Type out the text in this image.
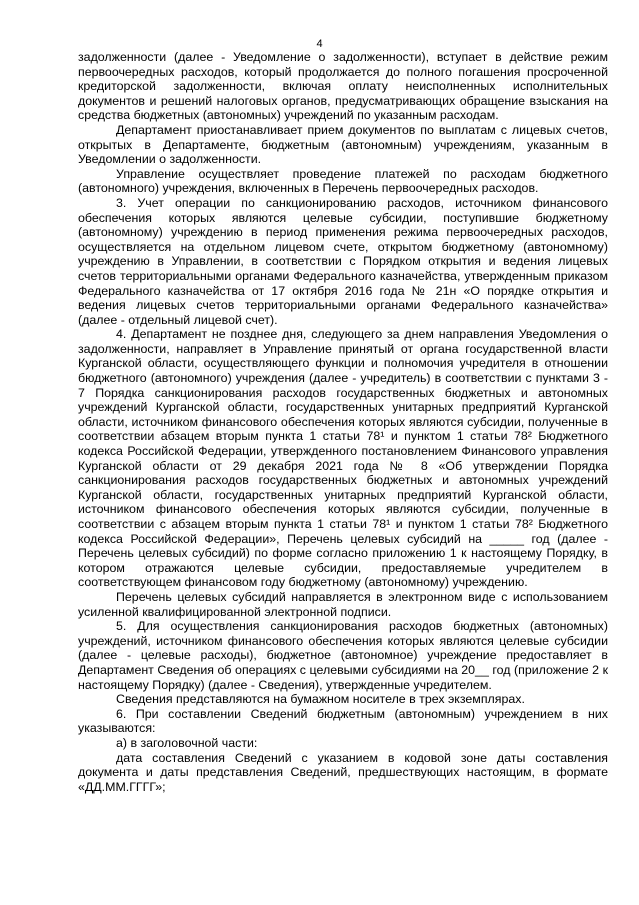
4

задолженности (далее - Уведомление о задолженности), вступает в действие режим первоочередных расходов, который продолжается до полного погашения просроченной кредиторской задолженности, включая оплату неисполненных исполнительных документов и решений налоговых органов, предусматривающих обращение взыскания на средства бюджетных (автономных) учреждений по указанным расходам.

Департамент приостанавливает прием документов по выплатам с лицевых счетов, открытых в Департаменте, бюджетным (автономным) учреждениям, указанным в Уведомлении о задолженности.

Управление осуществляет проведение платежей по расходам бюджетного (автономного) учреждения, включенных в Перечень первоочередных расходов.

3. Учет операции по санкционированию расходов, источником финансового обеспечения которых являются целевые субсидии, поступившие бюджетному (автономному) учреждению в период применения режима первоочередных расходов, осуществляется на отдельном лицевом счете, открытом бюджетному (автономному) учреждению в Управлении, в соответствии с Порядком открытия и ведения лицевых счетов территориальными органами Федерального казначейства, утвержденным приказом Федерального казначейства от 17 октября 2016 года № 21н «О порядке открытия и ведения лицевых счетов территориальными органами Федерального казначейства» (далее - отдельный лицевой счет).

4. Департамент не позднее дня, следующего за днем направления Уведомления о задолженности, направляет в Управление принятый от органа государственной власти Курганской области, осуществляющего функции и полномочия учредителя в отношении бюджетного (автономного) учреждения (далее - учредитель) в соответствии с пунктами 3 - 7 Порядка санкционирования расходов государственных бюджетных и автономных учреждений Курганской области, государственных унитарных предприятий Курганской области, источником финансового обеспечения которых являются субсидии, полученные в соответствии абзацем вторым пункта 1 статьи 78¹ и пунктом 1 статьи 78² Бюджетного кодекса Российской Федерации, утвержденного постановлением Финансового управления Курганской области от 29 декабря 2021 года № 8 «Об утверждении Порядка санкционирования расходов государственных бюджетных и автономных учреждений Курганской области, государственных унитарных предприятий Курганской области, источником финансового обеспечения которых являются субсидии, полученные в соответствии с абзацем вторым пункта 1 статьи 78¹ и пунктом 1 статьи 78² Бюджетного кодекса Российской Федерации», Перечень целевых субсидий на _____ год (далее - Перечень целевых субсидий) по форме согласно приложению 1 к настоящему Порядку, в котором отражаются целевые субсидии, предоставляемые учредителем в соответствующем финансовом году бюджетному (автономному) учреждению.

Перечень целевых субсидий направляется в электронном виде с использованием усиленной квалифицированной электронной подписи.

5. Для осуществления санкционирования расходов бюджетных (автономных) учреждений, источником финансового обеспечения которых являются целевые субсидии (далее - целевые расходы), бюджетное (автономное) учреждение предоставляет в Департамент Сведения об операциях с целевыми субсидиями на 20__ год (приложение 2 к настоящему Порядку) (далее - Сведения), утвержденные учредителем.

Сведения представляются на бумажном носителе в трех экземплярах.

6. При составлении Сведений бюджетным (автономным) учреждением в них указываются:

а) в заголовочной части:

дата составления Сведений с указанием в кодовой зоне даты составления документа и даты представления Сведений, предшествующих настоящим, в формате «ДД.ММ.ГГГГ»;
